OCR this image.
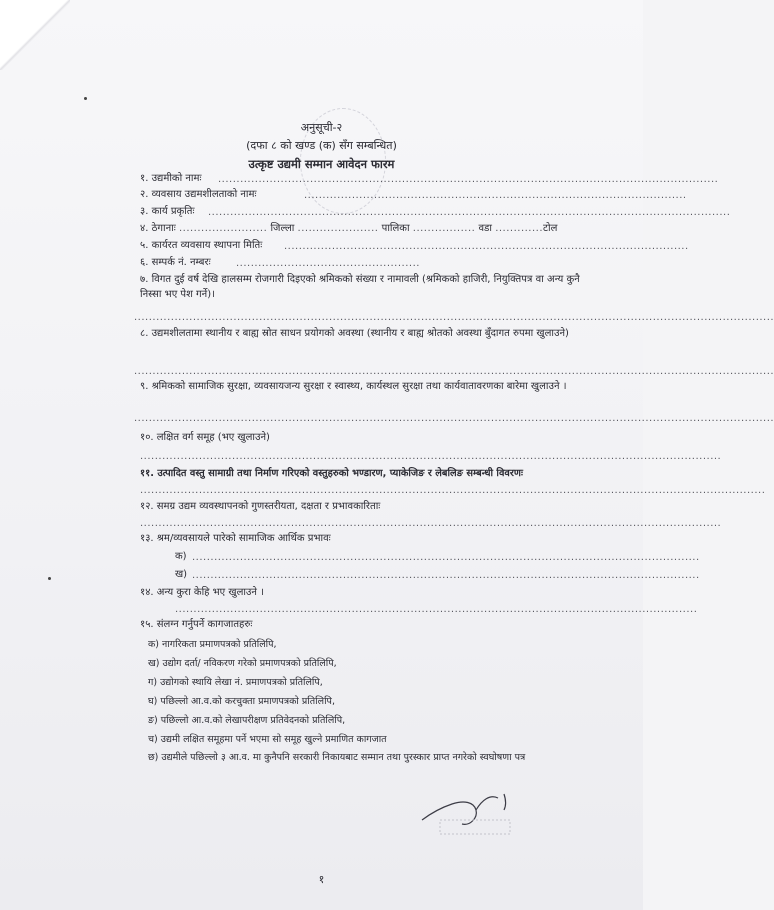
अनुसूची-२
(दफा ८ को खण्ड (क) सँग सम्बन्धित)
उत्कृष्ट उद्यमी सम्मान आवेदन फारम
१. उद्यमीको नामः ........................................................................................................................................
२. व्यवसाय उद्यमशीलताको नामः	........................................................................................................
३. कार्य प्रकृतिः ..............................................................................................................................................
४. ठेगानाः ........................ जिल्ला ...................... पालिका ................. वडा .............टोल
५. कार्यरत व्यवसाय स्थापना मितिः ..............................................................................................................
६. सम्पर्क नं. नम्बरः	..................................................
७. विगत दुई वर्ष देखि हालसम्म रोजगारी दिइएको श्रमिकको संख्या र नामावली (श्रमिकको हाजिरी, नियुक्तिपत्र वा अन्य कुनै निस्सा भए पेश गर्ने)।
..............................................................................................................................................................................
८. उद्यमशीलतामा स्थानीय र बाह्य स्रोत साधन प्रयोगको अवस्था (स्थानीय र बाह्य श्रोतको अवस्था बुँदागत रुपमा खुलाउने)
..............................................................................................................................................................................
९. श्रमिकको सामाजिक सुरक्षा, व्यवसायजन्य सुरक्षा र स्वास्थ्य, कार्यस्थल सुरक्षा तथा कार्यवातावरणका बारेमा खुलाउने ।
..............................................................................................................................................................................
१०. लक्षित वर्ग समूह (भए खुलाउने)
..............................................................................................................................................................
११. उत्पादित वस्तु सामाग्री तथा निर्माण गरिएको वस्तुहरुको भण्डारण, प्याकेजिङ र लेबलिङ सम्बन्धी विवरणः
..........................................................................................................................................................................
१२. समग्र उद्यम व्यवस्थापनको गुणस्तरीयता, दक्षता र प्रभावकारिताः
..............................................................................................................................................................
१३. श्रम/व्यवसायले पारेको सामाजिक आर्थिक प्रभावः
क) ..........................................................................................................................................
ख) ..........................................................................................................................................
१४. अन्य कुरा केहि भए खुलाउने ।
..............................................................................................................................................
१५. संलग्न गर्नुपर्ने कागजातहरुः
क) नागरिकता प्रमाणपत्रको प्रतिलिपि,
ख) उद्योग दर्ता/ नविकरण गरेको प्रमाणपत्रको प्रतिलिपि,
ग) उद्योगको स्थायि लेखा नं. प्रमाणपत्रको प्रतिलिपि,
घ) पछिल्लो आ.व.को करचुक्ता प्रमाणपत्रको प्रतिलिपि,
ङ) पछिल्लो आ.व.को लेखापरीक्षण प्रतिवेदनको प्रतिलिपि,
च) उद्यमी लक्षित समूहमा पर्ने भएमा सो समूह खुल्ने प्रमाणित कागजात
छ) उद्यमीले पछिल्लो ३ आ.व. मा कुनैपनि सरकारी निकायबाट सम्मान तथा पुरस्कार प्राप्त नगरेको स्वघोषणा पत्र
१
